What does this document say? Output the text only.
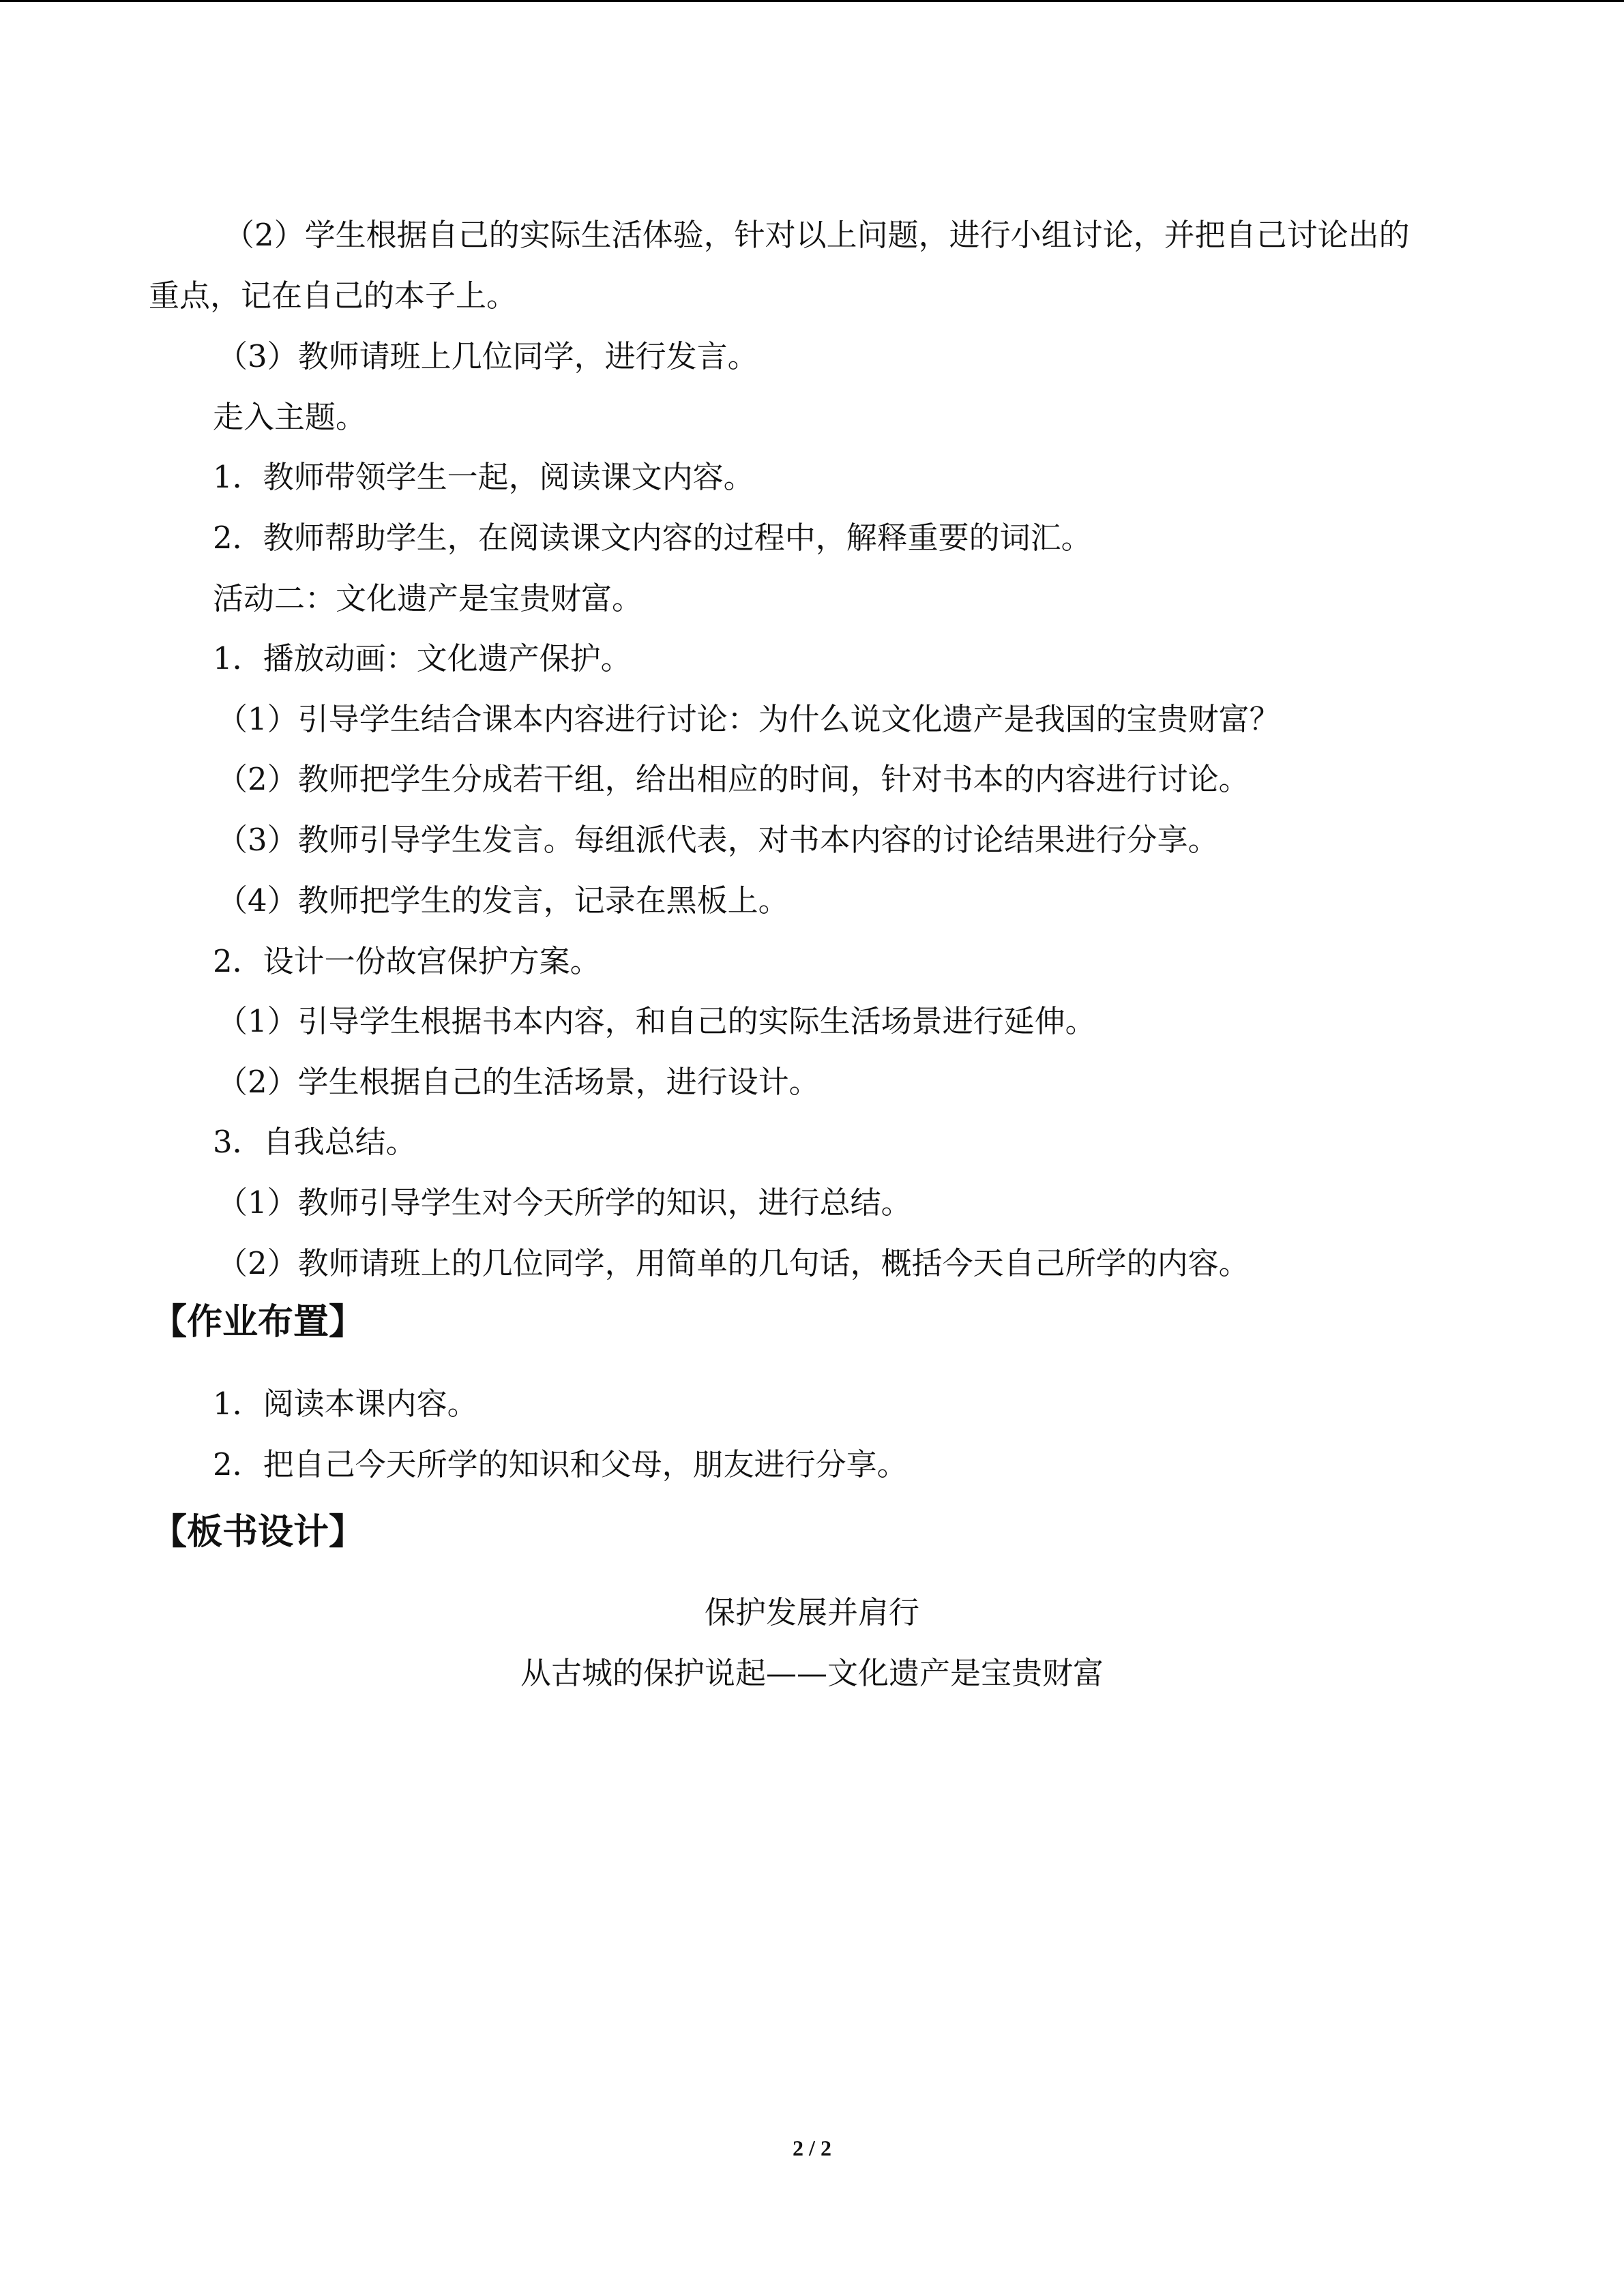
（2）学生根据自己的实际生活体验，针对以上问题，进行小组讨论，并把自己讨论出的
重点，记在自己的本子上。
（3）教师请班上几位同学，进行发言。
走入主题。
1．教师带领学生一起，阅读课文内容。
2．教师帮助学生，在阅读课文内容的过程中，解释重要的词汇。
活动二：文化遗产是宝贵财富。
1．播放动画：文化遗产保护。
（1）引导学生结合课本内容进行讨论：为什么说文化遗产是我国的宝贵财富？
（2）教师把学生分成若干组，给出相应的时间，针对书本的内容进行讨论。
（3）教师引导学生发言。每组派代表，对书本内容的讨论结果进行分享。
（4）教师把学生的发言，记录在黑板上。
2．设计一份故宫保护方案。
（1）引导学生根据书本内容，和自己的实际生活场景进行延伸。
（2）学生根据自己的生活场景，进行设计。
3．自我总结。
（1）教师引导学生对今天所学的知识，进行总结。
（2）教师请班上的几位同学，用简单的几句话，概括今天自己所学的内容。
【作业布置】
1．阅读本课内容。
2．把自己今天所学的知识和父母，朋友进行分享。
【板书设计】
保护发展并肩行
从古城的保护说起——文化遗产是宝贵财富
2 / 2
